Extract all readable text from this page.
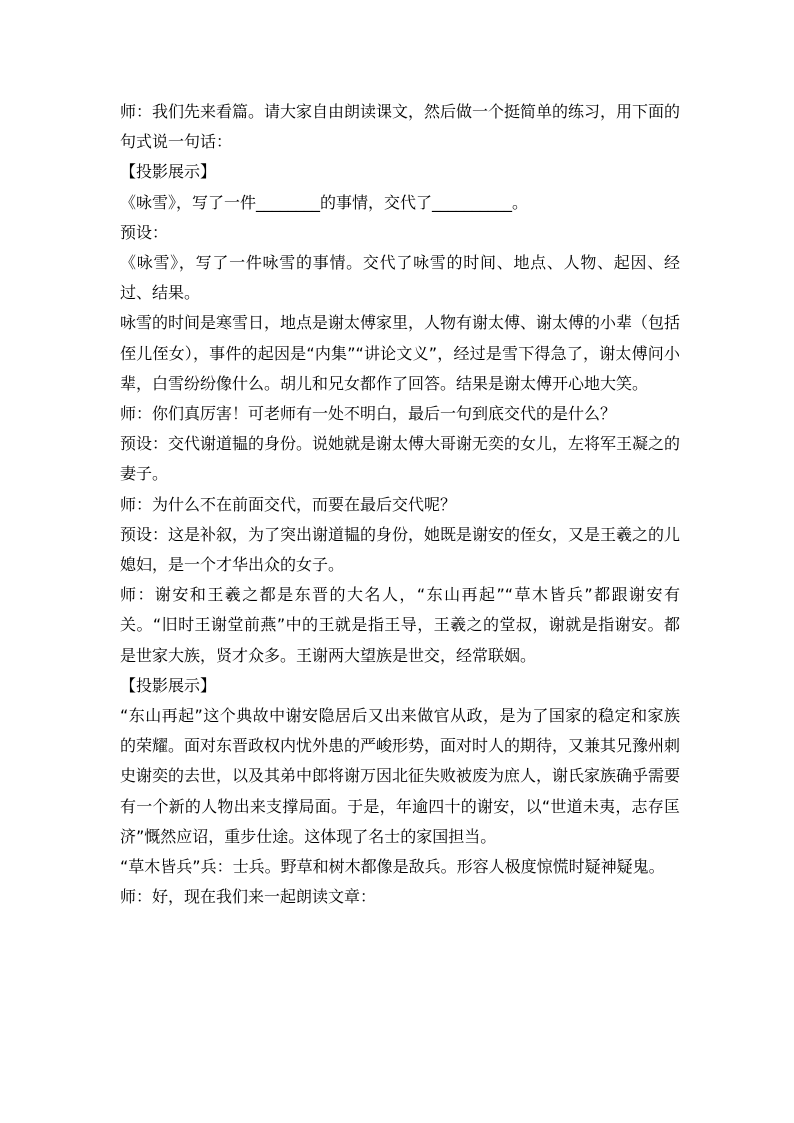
师：我们先来看篇。请大家自由朗读课文，然后做一个挺简单的练习，用下面的句式说一句话：

【投影展示】

《咏雪》，写了一件________的事情，交代了__________。

预设：

《咏雪》，写了一件咏雪的事情。交代了咏雪的时间、地点、人物、起因、经过、结果。

咏雪的时间是寒雪日，地点是谢太傅家里，人物有谢太傅、谢太傅的小辈（包括侄儿侄女），事件的起因是“内集”“讲论文义”，经过是雪下得急了，谢太傅问小辈，白雪纷纷像什么。胡儿和兄女都作了回答。结果是谢太傅开心地大笑。

师：你们真厉害！可老师有一处不明白，最后一句到底交代的是什么？

预设：交代谢道韫的身份。说她就是谢太傅大哥谢无奕的女儿，左将军王凝之的妻子。

师：为什么不在前面交代，而要在最后交代呢？

预设：这是补叙，为了突出谢道韫的身份，她既是谢安的侄女，又是王羲之的儿媳妇，是一个才华出众的女子。

师：谢安和王羲之都是东晋的大名人，“东山再起”“草木皆兵”都跟谢安有关。“旧时王谢堂前燕”中的王就是指王导，王羲之的堂叔，谢就是指谢安。都是世家大族，贤才众多。王谢两大望族是世交，经常联姻。

【投影展示】

“东山再起”这个典故中谢安隐居后又出来做官从政，是为了国家的稳定和家族的荣耀。面对东晋政权内忧外患的严峻形势，面对时人的期待，又兼其兄豫州刺史谢奕的去世，以及其弟中郎将谢万因北征失败被废为庶人，谢氏家族确乎需要有一个新的人物出来支撑局面。于是，年逾四十的谢安，以“世道未夷，志存匡济”慨然应诏，重步仕途。这体现了名士的家国担当。

“草木皆兵”兵：士兵。野草和树木都像是敌兵。形容人极度惊慌时疑神疑鬼。

师：好，现在我们来一起朗读文章：
